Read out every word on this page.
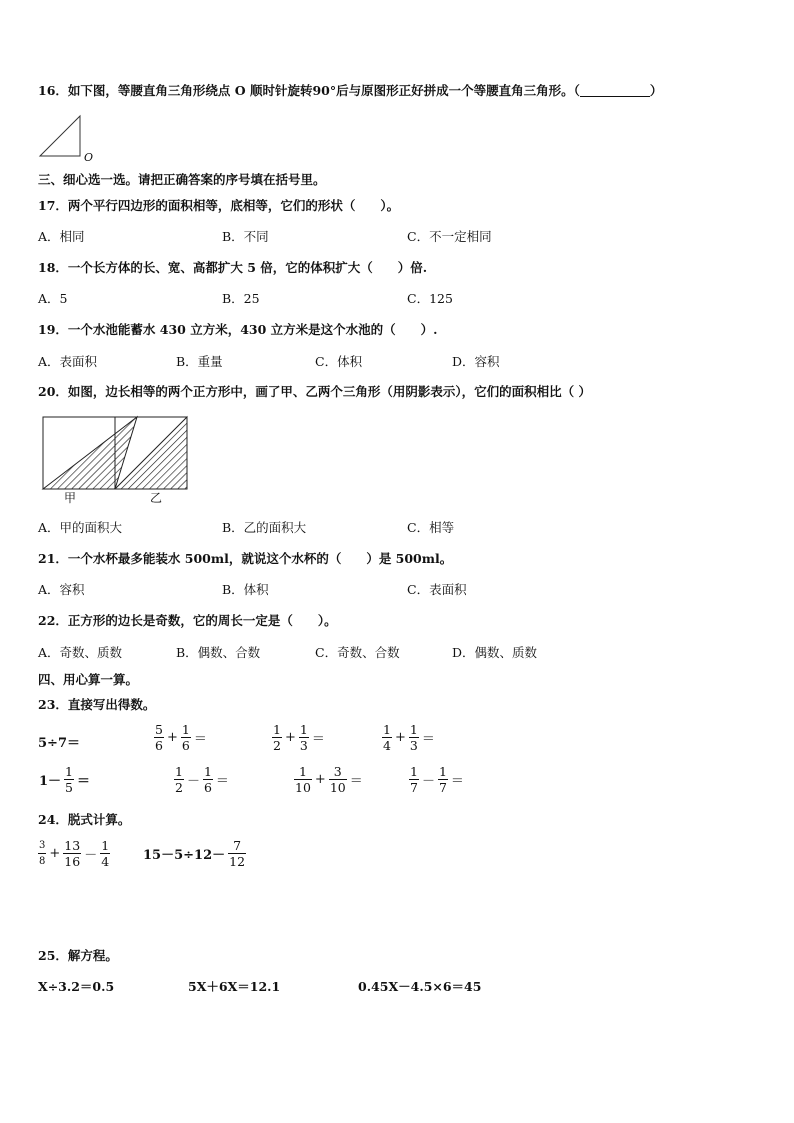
16．如下图，等腰直角三角形绕点 O 顺时针旋转90°后与原图形正好拼成一个等腰直角三角形。（	）
O
三、细心选一选。请把正确答案的序号填在括号里。
17．两个平行四边形的面积相等，底相等，它们的形状（　　）。
A．相同	B．不同	C．不一定相同
18．一个长方体的长、宽、高都扩大 5 倍，它的体积扩大（　　）倍.
A．5	B．25	C．125
19．一个水池能蓄水 430 立方米，430 立方米是这个水池的（　　）.
A．表面积	B．重量	C．体积	D．容积
20．如图，边长相等的两个正方形中，画了甲、乙两个三角形（用阴影表示），它们的面积相比（ ）
甲	乙
A．甲的面积大	B．乙的面积大	C．相等
21．一个水杯最多能装水 500ml，就说这个水杯的（　　）是 500ml。
A．容积	B．体积	C．表面积
22．正方形的边长是奇数，它的周长一定是（　　）。
A．奇数、质数	B．偶数、合数	C．奇数、合数	D．偶数、质数
四、用心算一算。
23．直接写出得数。
5÷7＝	$\frac{5}{6} + \frac{1}{6}$ ＝	$\frac{1}{2} + \frac{1}{3}$ ＝	$\frac{1}{4} + \frac{1}{3}$ ＝
$1- \frac{1}{5}$ ＝	$\frac{1}{2} - \frac{1}{6}$ ＝	$\frac{1}{10} + \frac{3}{10}$ ＝	$\frac{1}{7} - \frac{1}{7}$ ＝
24．脱式计算。
$\frac{3}{8} + \frac{13}{16} - \frac{1}{4}$	$15-5\div 12- \frac{7}{12}$
25．解方程。
X÷3.2＝0.5	5X＋6X＝12.1	0.45X－4.5×6＝45
